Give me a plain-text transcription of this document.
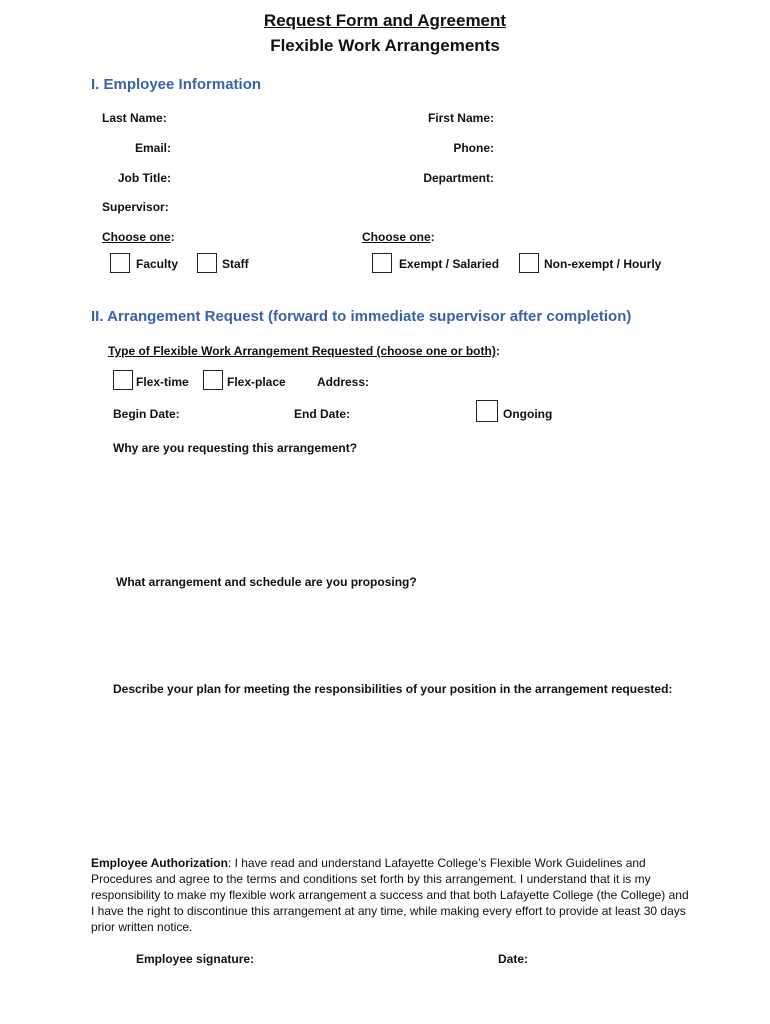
Request Form and Agreement
Flexible Work Arrangements
I. Employee Information
Last Name:	First Name:
Email:	Phone:
Job Title:	Department:
Supervisor:
Choose one:	Choose one:
Faculty	Staff	Exempt / Salaried	Non-exempt / Hourly
II. Arrangement Request (forward to immediate supervisor after completion)
Type of Flexible Work Arrangement Requested (choose one or both):
Flex-time	Flex-place	Address:
Begin Date:	End Date:	Ongoing
Why are you requesting this arrangement?
What arrangement and schedule are you proposing?
Describe your plan for meeting the responsibilities of your position in the arrangement requested:
Employee Authorization: I have read and understand Lafayette College’s Flexible Work Guidelines and Procedures and agree to the terms and conditions set forth by this arrangement. I understand that it is my responsibility to make my flexible work arrangement a success and that both Lafayette College (the College) and I have the right to discontinue this arrangement at any time, while making every effort to provide at least 30 days prior written notice.
Employee signature:	Date:
